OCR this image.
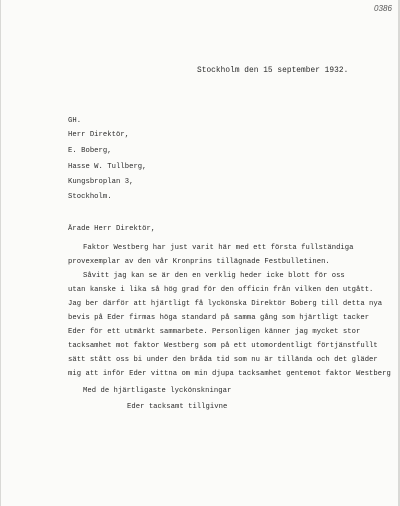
0386
Stockholm den 15 september 1932.
GH.
Herr Direktör,
E. Boberg,
Hasse W. Tullberg,
Kungsbroplan 3,
Stockholm.
Ärade Herr Direktör,
Faktor Westberg har just varit här med ett första fullständiga
provexemplar av den vår Kronprins tillägnade Festbulletinen.
Såvitt jag kan se är den en verklig heder icke blott för oss
utan kanske i lika så hög grad för den officin från vilken den utgått.
Jag ber därför att hjärtligt få lyckönska Direktör Boberg till detta nya
bevis på Eder firmas höga standard på samma gång som hjärtligt tacker
Eder för ett utmärkt sammarbete. Personligen känner jag mycket stor
tacksamhet mot faktor Westberg som på ett utomordentligt förtjänstfullt
sätt stått oss bi under den bråda tid som nu är tillända och det gläder
mig att inför Eder vittna om min djupa tacksamhet gentemot faktor Westberg
Med de hjärtligaste lyckönskningar
Eder tacksamt tillgivne
